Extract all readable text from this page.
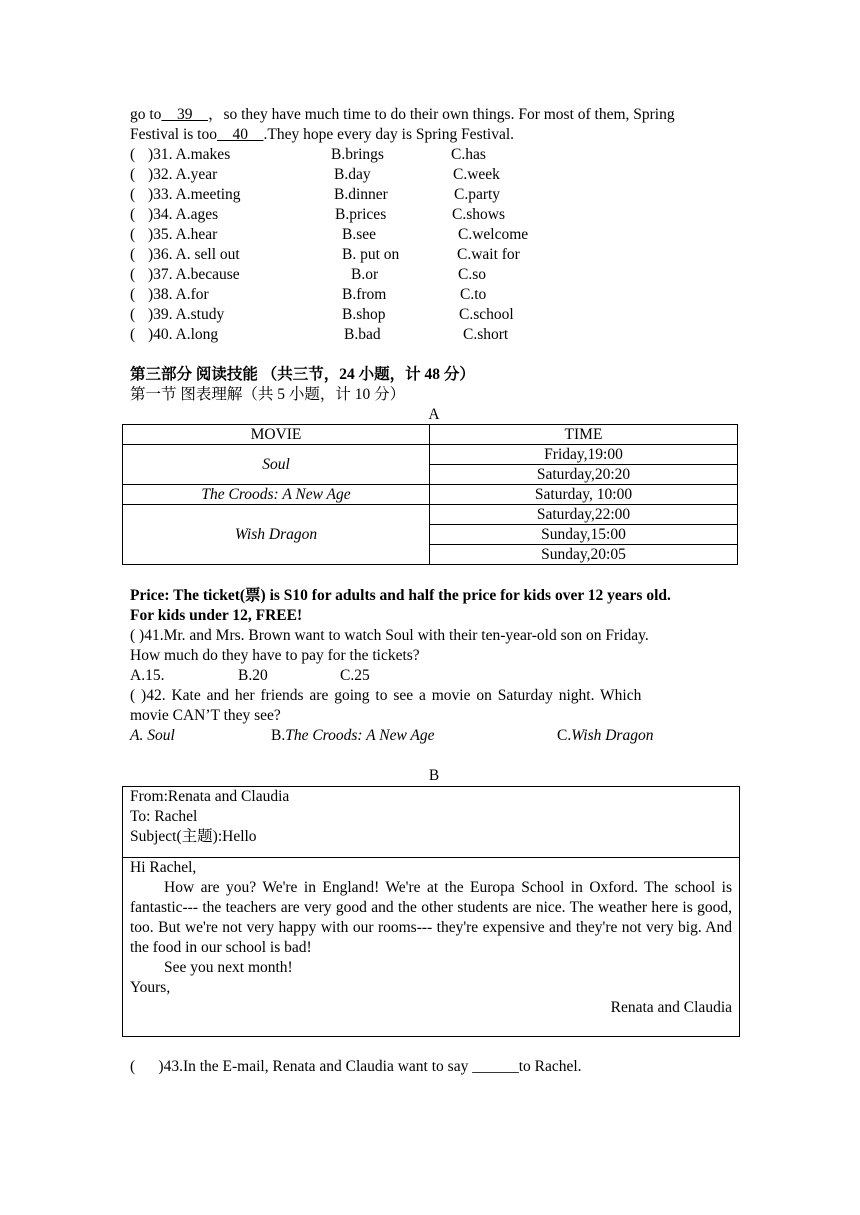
go to    39    ，so they have much time to do their own things. For most of them, Spring
Festival is too    40    .They hope every day is Spring Festival.
( )31. A.makes	B.brings	C.has
( )32. A.year	B.day	C.week
( )33. A.meeting	B.dinner	C.party
( )34. A.ages	B.prices	C.shows
( )35. A.hear	B.see	C.welcome
( )36. A. sell out	B. put on	C.wait for
( )37. A.because	B.or	C.so
( )38. A.for	B.from	C.to
( )39. A.study	B.shop	C.school
( )40. A.long	B.bad	C.short
第三部分 阅读技能 （共三节，24 小题，计 48 分）
第一节 图表理解（共 5 小题，计 10 分）
A
MOVIE	TIME
Soul	Friday,19:00
	Saturday,20:20
The Croods: A New Age	Saturday, 10:00
Wish Dragon	Saturday,22:00
	Sunday,15:00
	Sunday,20:05
Price: The ticket(票) is S10 for adults and half the price for kids over 12 years old.
For kids under 12, FREE!
( )41.Mr. and Mrs. Brown want to watch Soul with their ten-year-old son on Friday.
How much do they have to pay for the tickets?
A.15.	B.20	C.25
( )42. Kate and her friends are going to see a movie on Saturday night. Which
movie CAN’T they see?
A. Soul	B.The Croods: A New Age	C.Wish Dragon
B
From:Renata and Claudia
To: Rachel
Subject(主题):Hello
Hi Rachel,

How are you? We're in England! We're at the Europa School in Oxford. The school is fantastic--- the teachers are very good and the other students are nice. The weather here is good, too. But we're not very happy with our rooms--- they're expensive and they're not very big. And the food in our school is bad!

See you next month!

Yours,
Renata and Claudia
(      )43.In the E-mail, Renata and Claudia want to say ______to Rachel.
